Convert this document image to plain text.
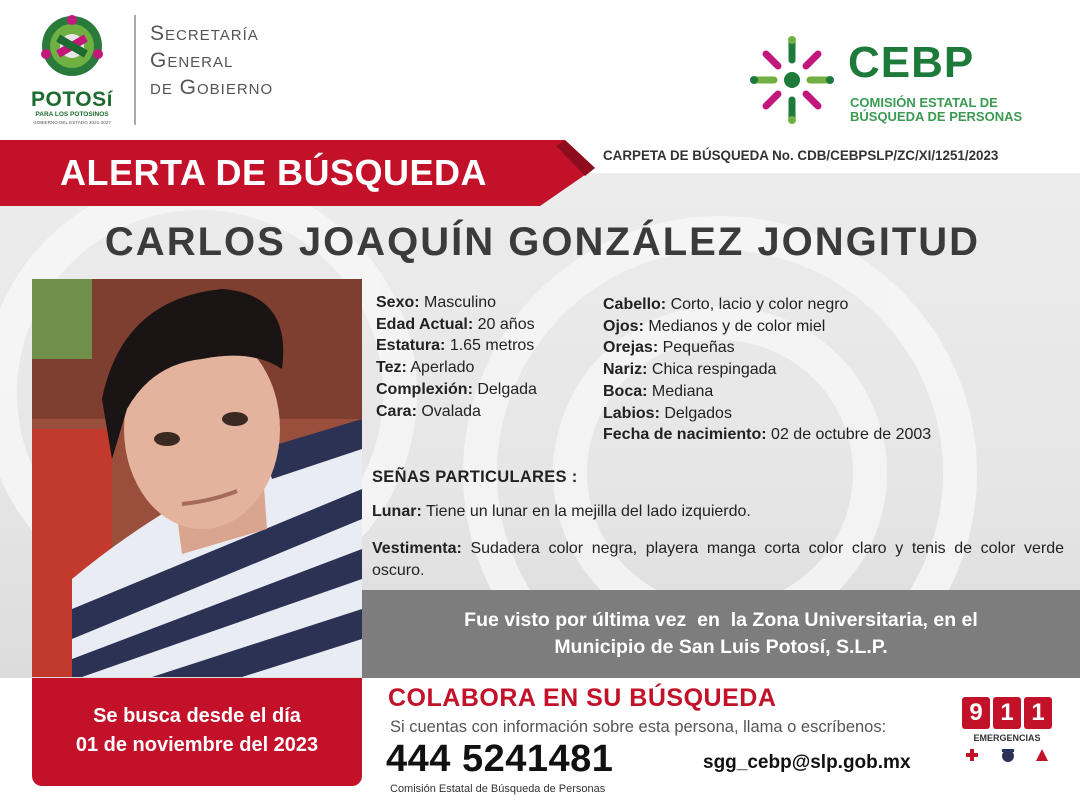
POTOSí
PARA LOS POTOSINOS
GOBIERNO DEL ESTADO 2021-2027
Secretaría
General
de Gobierno
CEBP
COMISIÓN ESTATAL DE
BÚSQUEDA DE PERSONAS
ALERTA DE BÚSQUEDA	CARPETA DE BÚSQUEDA No. CDB/CEBPSLP/ZC/XI/1251/2023
CARLOS JOAQUÍN GONZÁLEZ JONGITUD
Sexo: Masculino
Edad Actual: 20 años
Estatura: 1.65 metros
Tez: Aperlado
Complexión: Delgada
Cara: Ovalada
Cabello: Corto, lacio y color negro
Ojos: Medianos y de color miel
Orejas: Pequeñas
Nariz: Chica respingada
Boca: Mediana
Labios: Delgados
Fecha de nacimiento: 02 de octubre de 2003
SEÑAS PARTICULARES :
Lunar: Tiene un lunar en la mejilla del lado izquierdo.
Vestimenta: Sudadera color negra, playera manga corta color claro y tenis de color verde oscuro.
Fue visto por última vez  en  la Zona Universitaria, en el
Municipio de San Luis Potosí, S.L.P.
Se busca desde el día
01 de noviembre del 2023
COLABORA EN SU BÚSQUEDA
Si cuentas con información sobre esta persona, llama o escríbenos:
444 5241481	sgg_cebp@slp.gob.mx
Comisión Estatal de Búsqueda de Personas
9 1 1
EMERGENCIAS
